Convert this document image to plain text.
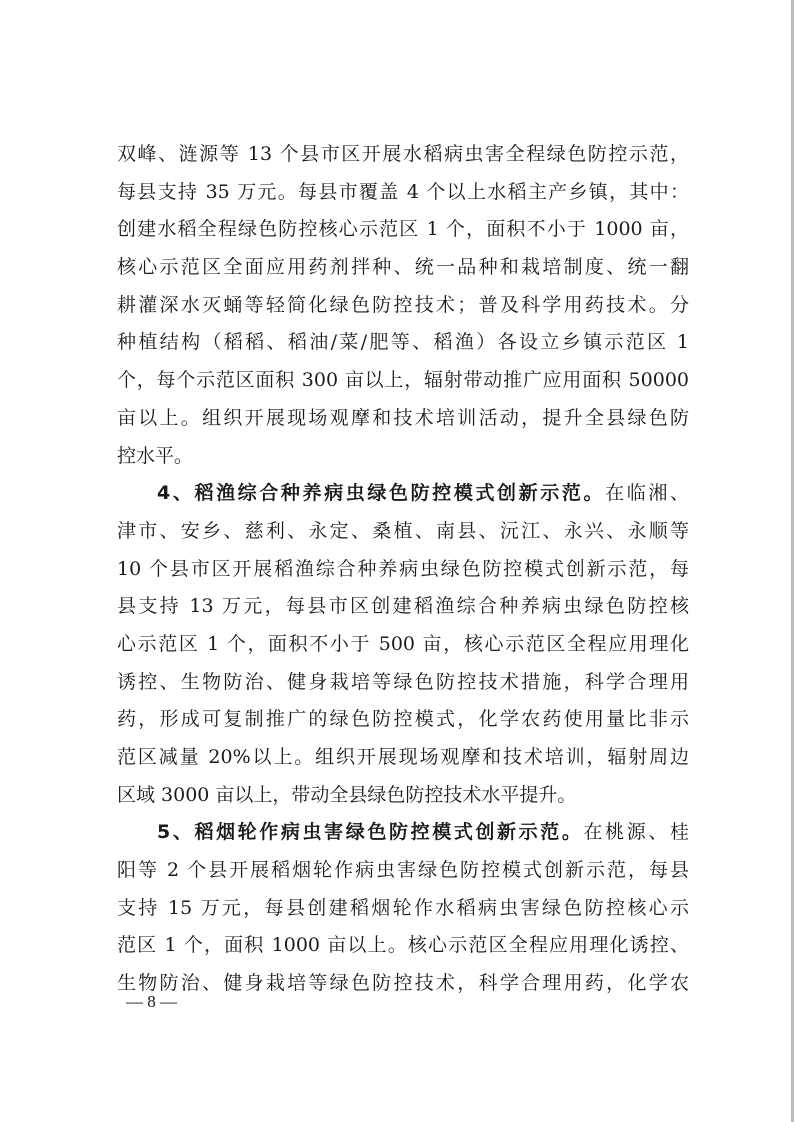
双峰、涟源等 13 个县市区开展水稻病虫害全程绿色防控示范，
每县支持 35 万元。每县市覆盖 4 个以上水稻主产乡镇，其中：
创建水稻全程绿色防控核心示范区 1 个，面积不小于 1000 亩，
核心示范区全面应用药剂拌种、统一品种和栽培制度、统一翻
耕灌深水灭蛹等轻简化绿色防控技术；普及科学用药技术。分
种植结构（稻稻、稻油/菜/肥等、稻渔）各设立乡镇示范区 1
个，每个示范区面积 300 亩以上，辐射带动推广应用面积 50000
亩以上。组织开展现场观摩和技术培训活动，提升全县绿色防
控水平。
4、稻渔综合种养病虫绿色防控模式创新示范。在临湘、
津市、安乡、慈利、永定、桑植、南县、沅江、永兴、永顺等
10 个县市区开展稻渔综合种养病虫绿色防控模式创新示范，每
县支持 13 万元，每县市区创建稻渔综合种养病虫绿色防控核
心示范区 1 个，面积不小于 500 亩，核心示范区全程应用理化
诱控、生物防治、健身栽培等绿色防控技术措施，科学合理用
药，形成可复制推广的绿色防控模式，化学农药使用量比非示
范区减量 20%以上。组织开展现场观摩和技术培训，辐射周边
区域 3000 亩以上，带动全县绿色防控技术水平提升。
5、稻烟轮作病虫害绿色防控模式创新示范。在桃源、桂
阳等 2 个县开展稻烟轮作病虫害绿色防控模式创新示范，每县
支持 15 万元，每县创建稻烟轮作水稻病虫害绿色防控核心示
范区 1 个，面积 1000 亩以上。核心示范区全程应用理化诱控、
生物防治、健身栽培等绿色防控技术，科学合理用药，化学农
— 8 —
